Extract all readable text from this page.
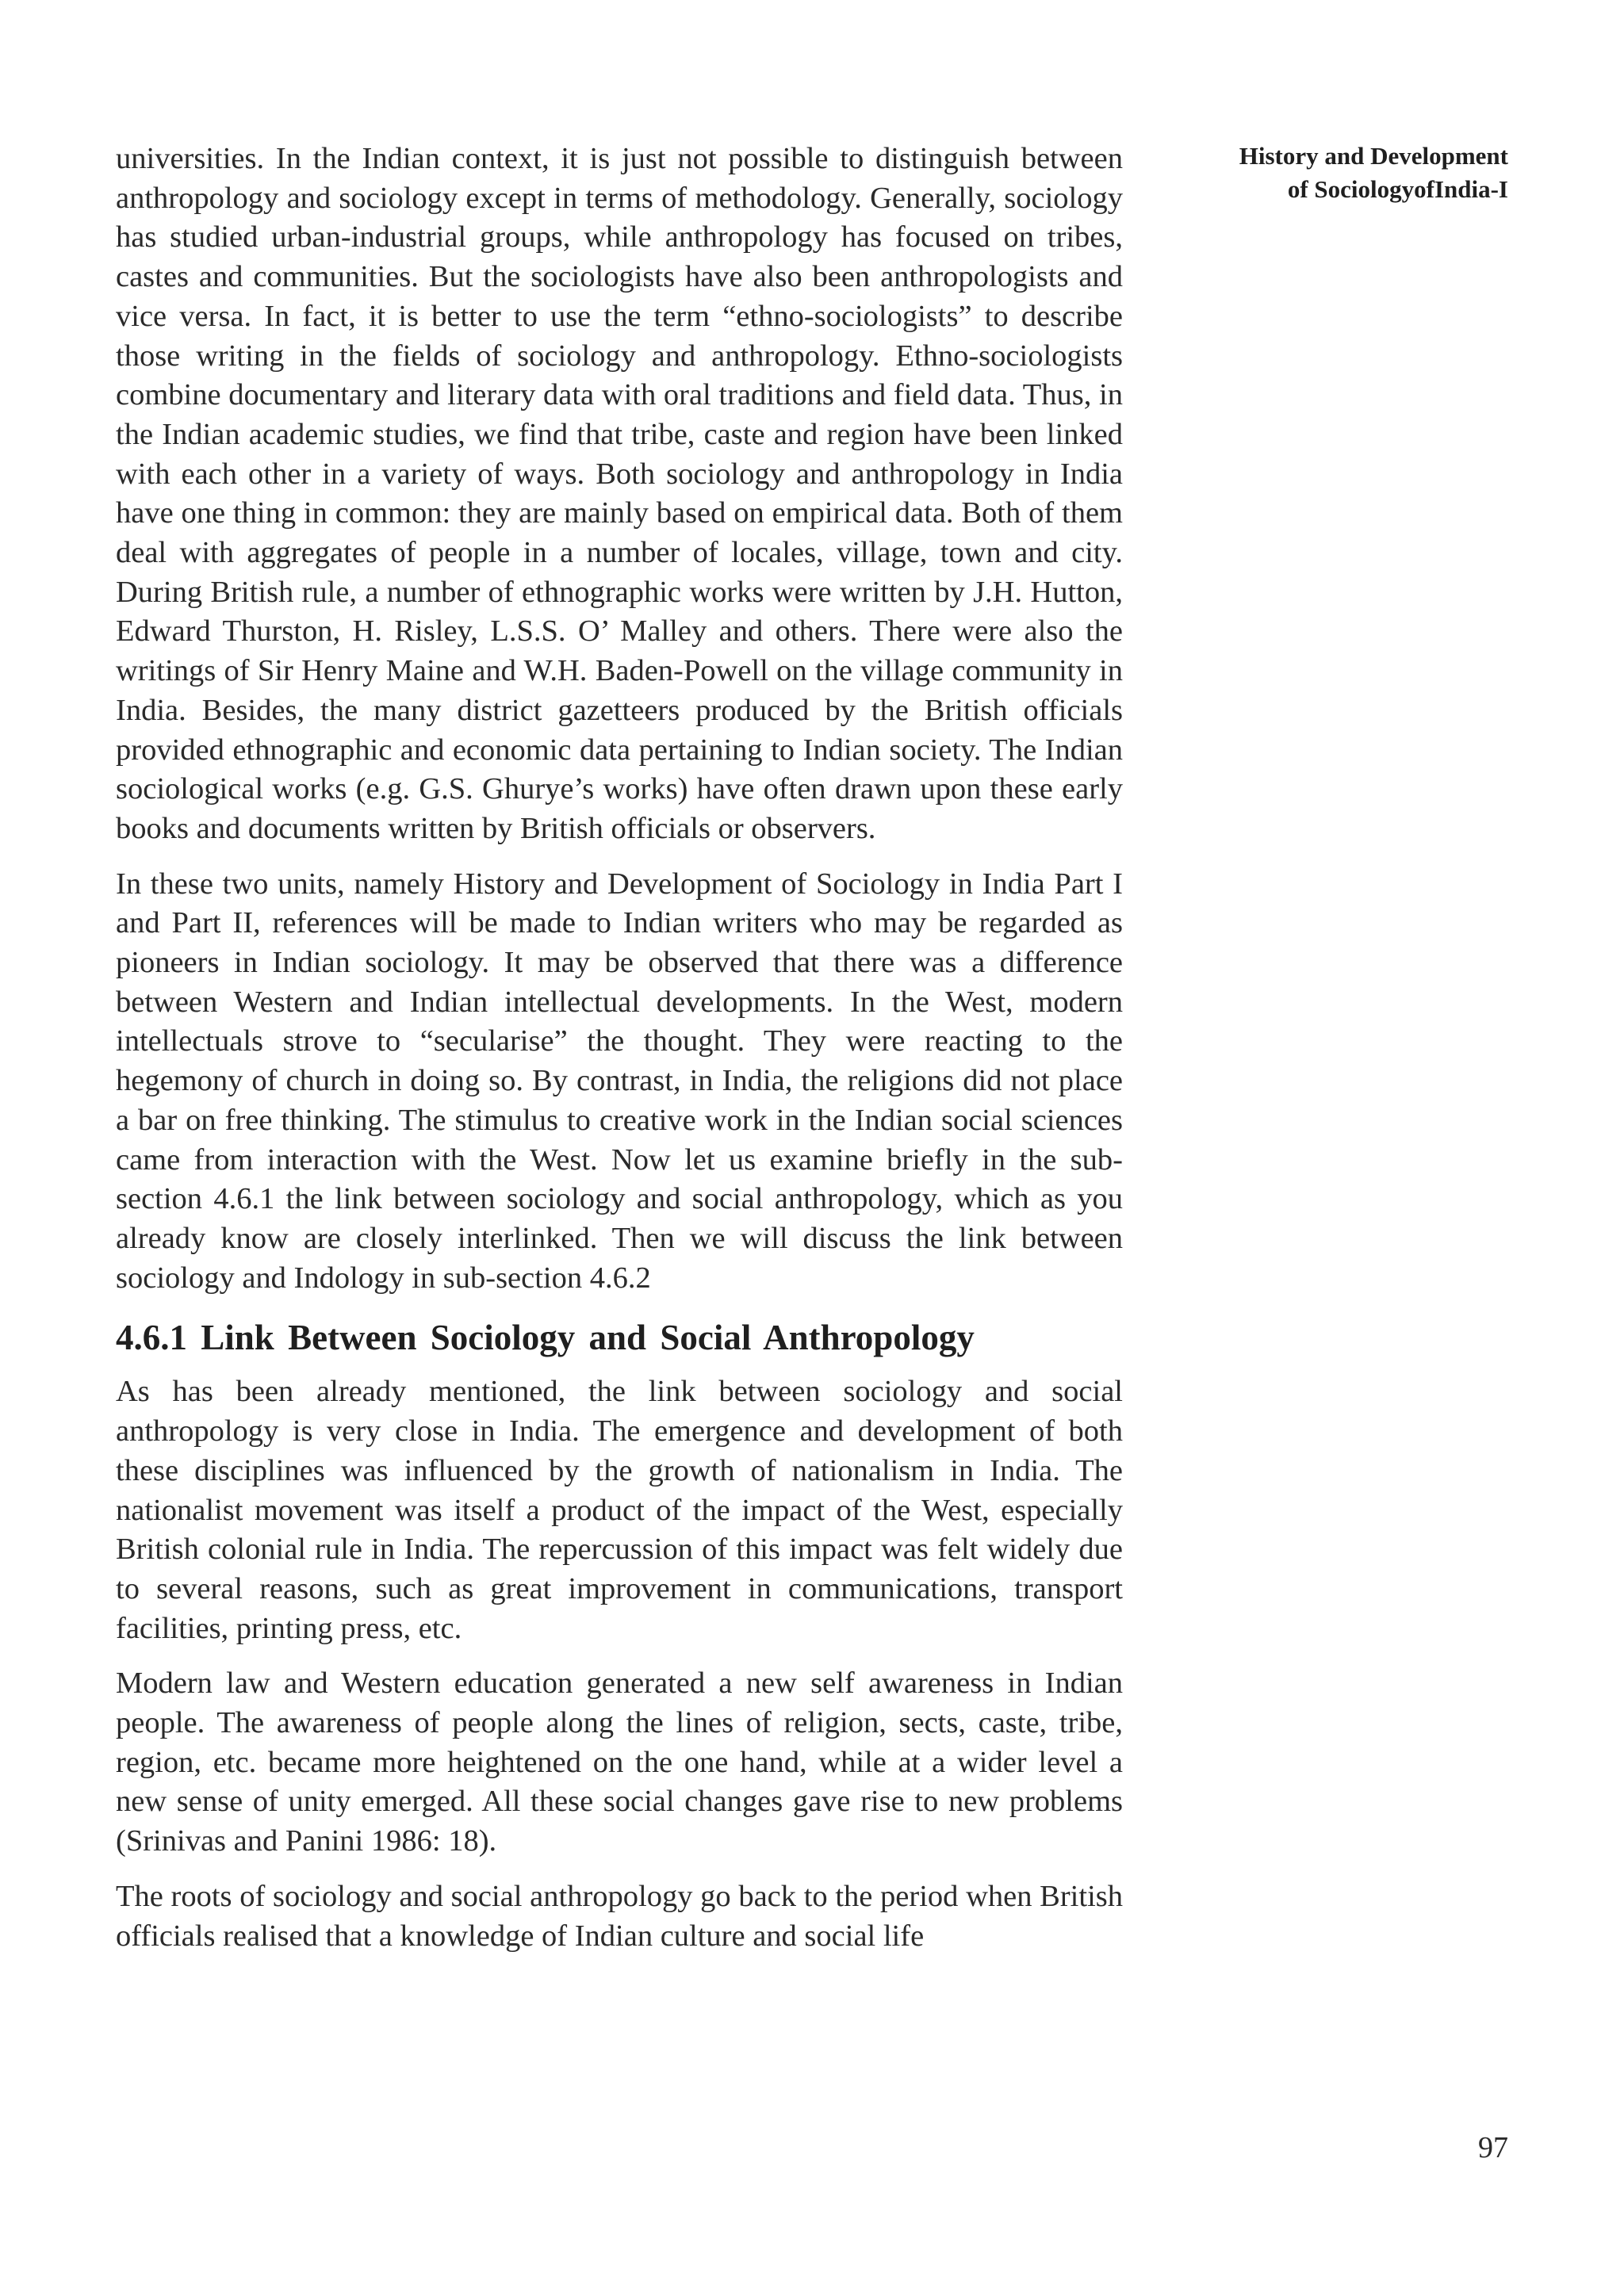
History and Development
of SociologyofIndia-I

universities. In the Indian context, it is just not possible to distinguish between anthropology and sociology except in terms of methodology. Generally, sociology has studied urban-industrial groups, while anthropology has focused on tribes, castes and communities. But the sociologists have also been anthropologists and vice versa. In fact, it is better to use the term “ethno-sociologists” to describe those writing in the fields of sociology and anthropology. Ethno-sociologists combine documentary and literary data with oral traditions and field data. Thus, in the Indian academic studies, we find that tribe, caste and region have been linked with each other in a variety of ways. Both sociology and anthropology in India have one thing in common: they are mainly based on empirical data. Both of them deal with aggregates of people in a number of locales, village, town and city. During British rule, a number of ethnographic works were written by J.H. Hutton, Edward Thurston, H. Risley, L.S.S. O’ Malley and others. There were also the writings of Sir Henry Maine and W.H. Baden-Powell on the village community in India. Besides, the many district gazetteers produced by the British officials provided ethnographic and economic data pertaining to Indian society. The Indian sociological works (e.g. G.S. Ghurye’s works) have often drawn upon these early books and documents written by British officials or observers.

In these two units, namely History and Development of Sociology in India Part I and Part II, references will be made to Indian writers who may be regarded as pioneers in Indian sociology. It may be observed that there was a difference between Western and Indian intellectual developments. In the West, modern intellectuals strove to “secularise” the thought. They were reacting to the hegemony of church in doing so. By contrast, in India, the religions did not place a bar on free thinking. The stimulus to creative work in the Indian social sciences came from interaction with the West. Now let us examine briefly in the sub-section 4.6.1 the link between sociology and social anthropology, which as you already know are closely interlinked. Then we will discuss the link between sociology and Indology in sub-section 4.6.2

4.6.1 Link Between Sociology and Social Anthropology

As has been already mentioned, the link between sociology and social anthropology is very close in India. The emergence and development of both these disciplines was influenced by the growth of nationalism in India. The nationalist movement was itself a product of the impact of the West, especially British colonial rule in India. The repercussion of this impact was felt widely due to several reasons, such as great improvement in communications, transport facilities, printing press, etc.

Modern law and Western education generated a new self awareness in Indian people. The awareness of people along the lines of religion, sects, caste, tribe, region, etc. became more heightened on the one hand, while at a wider level a new sense of unity emerged. All these social changes gave rise to new problems (Srinivas and Panini 1986: 18).

The roots of sociology and social anthropology go back to the period when British officials realised that a knowledge of Indian culture and social life

97
